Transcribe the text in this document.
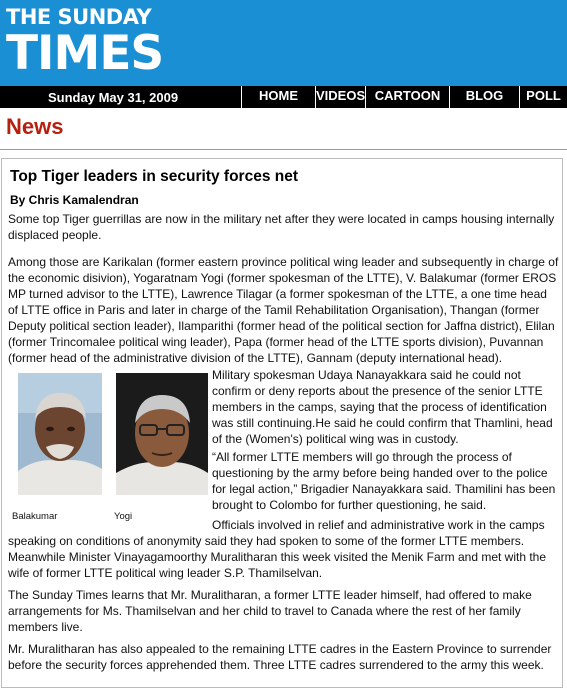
THE SUNDAY
TIMES
Sunday May 31, 2009	HOME	VIDEOS CARTOON	BLOG	POLL
News
Top Tiger leaders in security forces net
By Chris Kamalendran

Some top Tiger guerrillas are now in the military net after they were located in camps housing internally displaced people.

Among those are Karikalan (former eastern province political wing leader and subsequently in charge of the economic disivion), Yogaratnam Yogi (former spokesman of the LTTE), V. Balakumar (former EROS MP turned advisor to the LTTE), Lawrence Tilagar (a former spokesman of the LTTE, a one time head of LTTE office in Paris and later in charge of the Tamil Rehabilitation Organisation), Thangan (former Deputy political section leader), Ilamparithi (former head of the political section for Jaffna district), Elilan (former Trincomalee political wing leader), Papa (former head of the LTTE sports division), Puvannan (former head of the administrative division of the LTTE), Gannam (deputy international head).

Balakumar	Yogi

Military spokesman Udaya Nanayakkara said he could not confirm or deny reports about the presence of the senior LTTE members in the camps, saying that the process of identification was still continuing.He said he could confirm that Thamlini, head of the (Women's) political wing was in custody.

“All former LTTE members will go through the process of questioning by the army before being handed over to the police for legal action,” Brigadier Nanayakkara said. Thamilini has been brought to Colombo for further questioning, he said.

Officials involved in relief and administrative work in the camps speaking on conditions of anonymity said they had spoken to some of the former LTTE members. Meanwhile Minister Vinayagamoorthy Muralitharan this week visited the Menik Farm and met with the wife of former LTTE political wing leader S.P. Thamilselvan.

The Sunday Times learns that Mr. Muralitharan, a former LTTE leader himself, had offered to make arrangements for Ms. Thamilselvan and her child to travel to Canada where the rest of her family members live.

Mr. Muralitharan has also appealed to the remaining LTTE cadres in the Eastern Province to surrender before the security forces apprehended them. Three LTTE cadres surrendered to the army this week.
